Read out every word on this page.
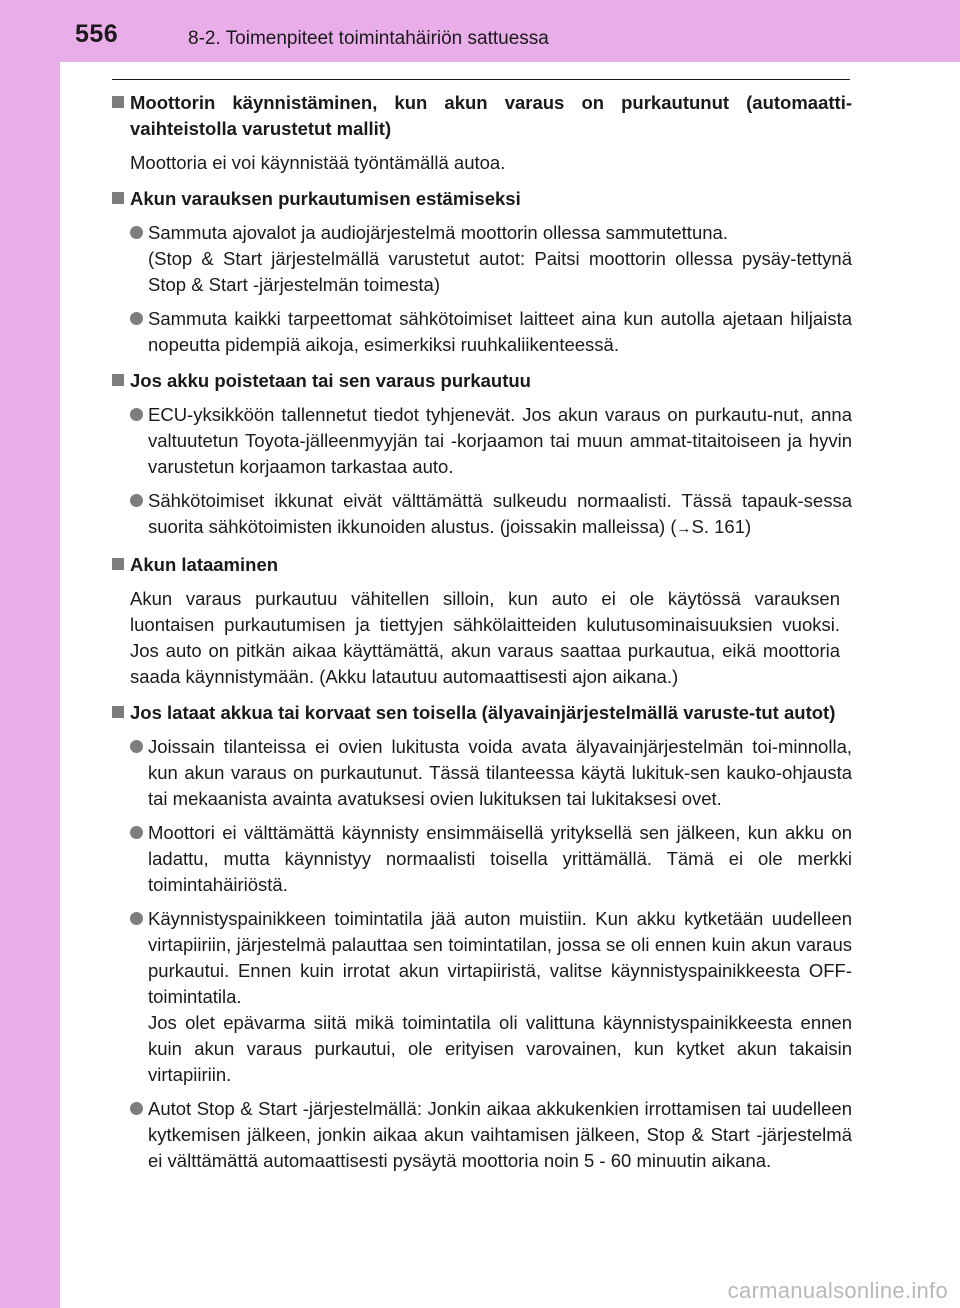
556	8-2. Toimenpiteet toimintahäiriön sattuessa
Moottorin käynnistäminen, kun akun varaus on purkautunut (automaatti-vaihteistolla varustetut mallit)
Moottoria ei voi käynnistää työntämällä autoa.
Akun varauksen purkautumisen estämiseksi
Sammuta ajovalot ja audiojärjestelmä moottorin ollessa sammutettuna.
(Stop & Start järjestelmällä varustetut autot: Paitsi moottorin ollessa pysäy-tettynä Stop & Start -järjestelmän toimesta)
Sammuta kaikki tarpeettomat sähkötoimiset laitteet aina kun autolla ajetaan hiljaista nopeutta pidempiä aikoja, esimerkiksi ruuhkaliikenteessä.
Jos akku poistetaan tai sen varaus purkautuu
ECU-yksikköön tallennetut tiedot tyhjenevät. Jos akun varaus on purkautu-nut, anna valtuutetun Toyota-jälleenmyyjän tai -korjaamon tai muun ammat-titaitoiseen ja hyvin varustetun korjaamon tarkastaa auto.
Sähkötoimiset ikkunat eivät välttämättä sulkeudu normaalisti. Tässä tapauk-sessa suorita sähkötoimisten ikkunoiden alustus. (joissakin malleissa) (→S. 161)
Akun lataaminen
Akun varaus purkautuu vähitellen silloin, kun auto ei ole käytössä varauksen luontaisen purkautumisen ja tiettyjen sähkölaitteiden kulutusominaisuuksien vuoksi. Jos auto on pitkän aikaa käyttämättä, akun varaus saattaa purkautua, eikä moottoria saada käynnistymään. (Akku latautuu automaattisesti ajon aikana.)
Jos lataat akkua tai korvaat sen toisella (älyavainjärjestelmällä varuste-tut autot)
Joissain tilanteissa ei ovien lukitusta voida avata älyavainjärjestelmän toi-minnolla, kun akun varaus on purkautunut. Tässä tilanteessa käytä lukituk-sen kauko-ohjausta tai mekaanista avainta avatuksesi ovien lukituksen tai lukitaksesi ovet.
Moottori ei välttämättä käynnisty ensimmäisellä yrityksellä sen jälkeen, kun akku on ladattu, mutta käynnistyy normaalisti toisella yrittämällä. Tämä ei ole merkki toimintahäiriöstä.
Käynnistyspainikkeen toimintatila jää auton muistiin. Kun akku kytketään uudelleen virtapiiriin, järjestelmä palauttaa sen toimintatilan, jossa se oli ennen kuin akun varaus purkautui. Ennen kuin irrotat akun virtapiiristä, valitse käynnistyspainikkeesta OFF-toimintatila.
Jos olet epävarma siitä mikä toimintatila oli valittuna käynnistyspainikkeesta ennen kuin akun varaus purkautui, ole erityisen varovainen, kun kytket akun takaisin virtapiiriin.
Autot Stop & Start -järjestelmällä: Jonkin aikaa akkukenkien irrottamisen tai uudelleen kytkemisen jälkeen, jonkin aikaa akun vaihtamisen jälkeen, Stop & Start -järjestelmä ei välttämättä automaattisesti pysäytä moottoria noin 5 - 60 minuutin aikana.
carmanualsonline.info
